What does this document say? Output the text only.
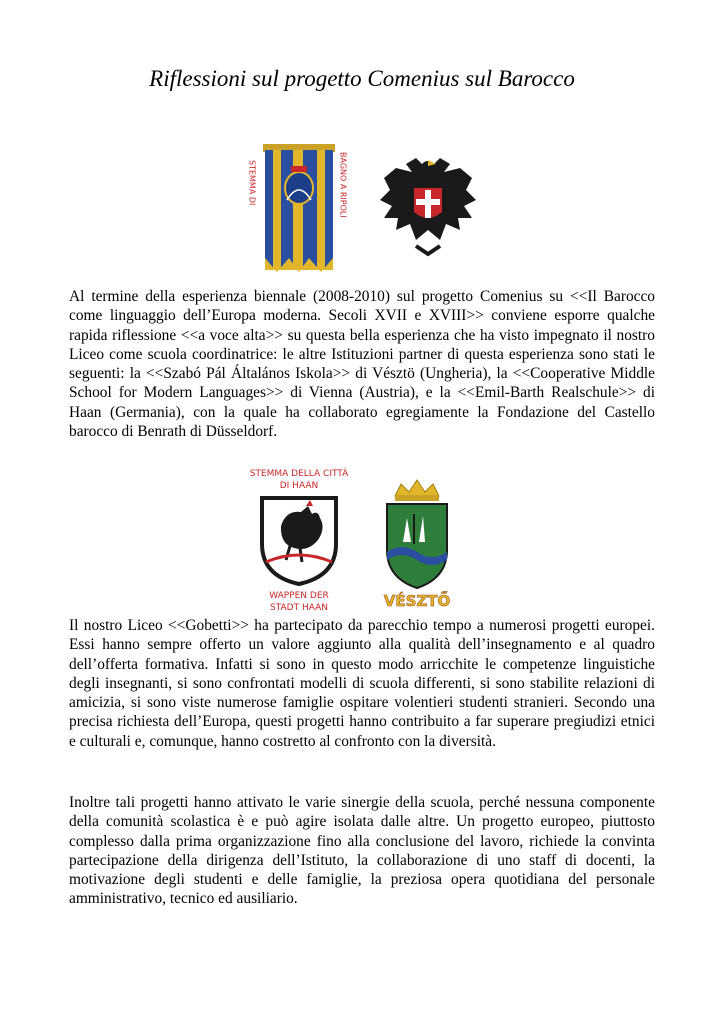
Riflessioni sul progetto Comenius sul Barocco
STEMMA DI	BAGNO A RIPOLI

Al termine della esperienza biennale (2008-2010) sul progetto Comenius su <<Il Barocco come linguaggio dell’Europa moderna. Secoli XVII e XVIII>> conviene esporre qualche rapida riflessione <<a voce alta>> su questa bella esperienza che ha visto impegnato il nostro Liceo come scuola coordinatrice: le altre Istituzioni partner di questa esperienza sono stati le seguenti: la <<Szabó Pál Általános Iskola>> di Vésztö (Ungheria), la <<Cooperative Middle School for Modern Languages>> di Vienna (Austria), e la <<Emil-Barth Realschule>> di Haan (Germania), con la quale ha collaborato egregiamente la Fondazione del Castello barocco di Benrath di Düsseldorf.

STEMMA DELLA CITTÀ
DI HAAN
WAPPEN DER
STADT HAAN	VÉSZTŐ

Il nostro Liceo <<Gobetti>> ha partecipato da parecchio tempo a numerosi progetti europei. Essi hanno sempre offerto un valore aggiunto alla qualità dell’insegnamento e al quadro dell’offerta formativa. Infatti si sono in questo modo arricchite le competenze linguistiche degli insegnanti, si sono confrontati modelli di scuola differenti, si sono stabilite relazioni di amicizia, si sono viste numerose famiglie ospitare volentieri studenti stranieri. Secondo una precisa richiesta dell’Europa, questi progetti hanno contribuito a far superare pregiudizi etnici e culturali e, comunque, hanno costretto al confronto con la diversità.

Inoltre tali progetti hanno attivato le varie sinergie della scuola, perché nessuna componente della comunità scolastica è e può agire isolata dalle altre. Un progetto europeo, piuttosto complesso dalla prima organizzazione fino alla conclusione del lavoro, richiede la convinta partecipazione della dirigenza dell’Istituto, la collaborazione di uno staff di docenti, la motivazione degli studenti e delle famiglie, la preziosa opera quotidiana del personale amministrativo, tecnico ed ausiliario.
